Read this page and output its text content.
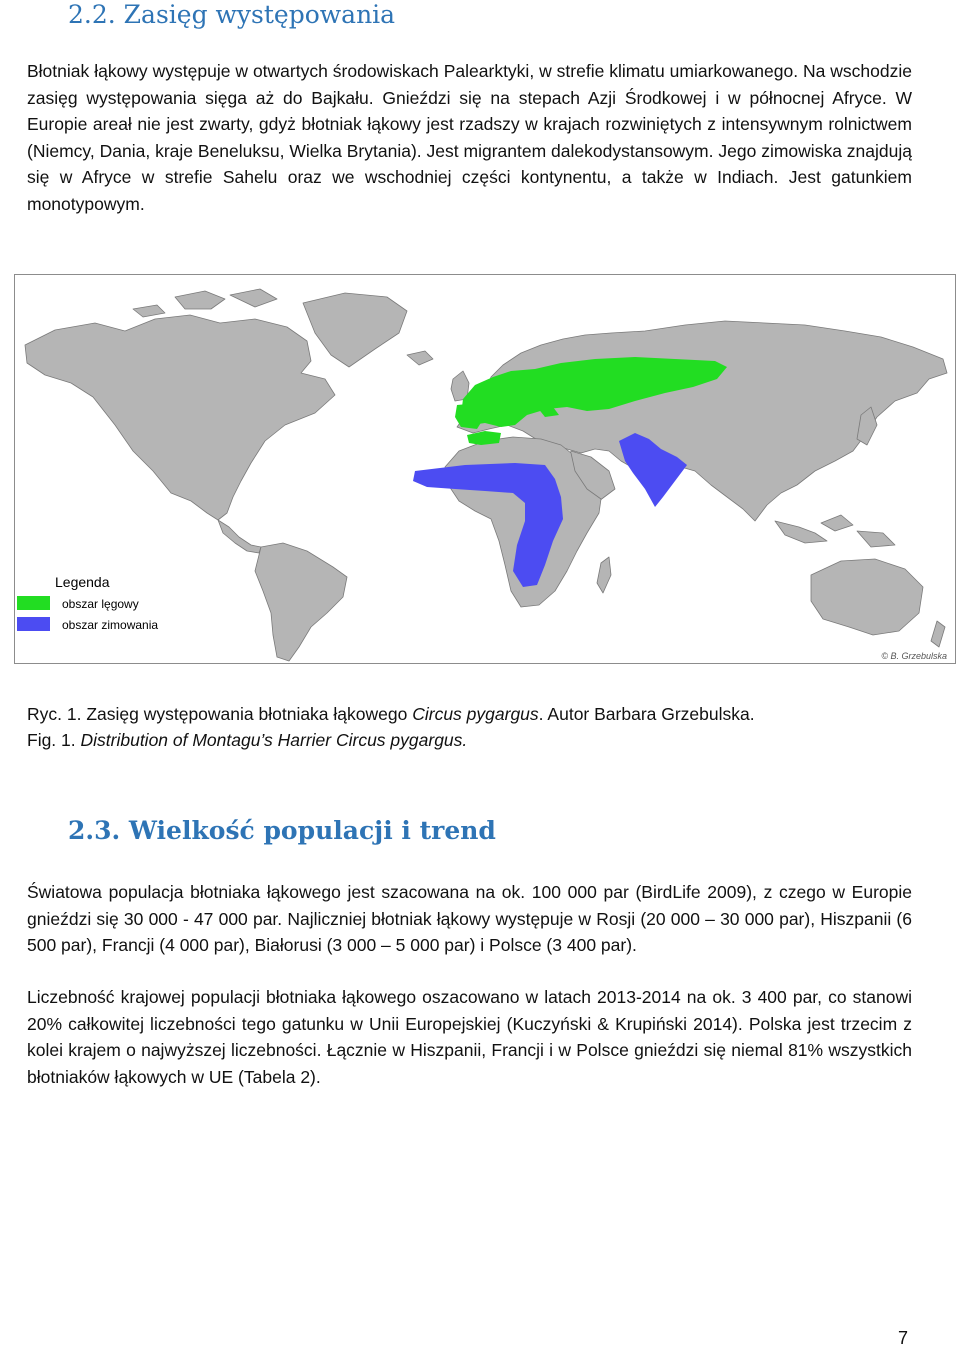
2.2. Zasięg występowania

Błotniak łąkowy występuje w otwartych środowiskach Palearktyki, w strefie klimatu umiarkowanego. Na wschodzie zasięg występowania sięga aż do Bajkału. Gnieździ się na stepach Azji Środkowej i w północnej Afryce. W Europie areał nie jest zwarty, gdyż błotniak łąkowy jest rzadszy w krajach rozwiniętych z intensywnym rolnictwem (Niemcy, Dania, kraje Beneluksu, Wielka Brytania). Jest migrantem dalekodystansowym. Jego zimowiska znajdują się w Afryce w strefie Sahelu oraz we wschodniej części kontynentu, a także w Indiach. Jest gatunkiem monotypowym.

Legenda
obszar lęgowy
obszar zimowania
© B. Grzebulska

Ryc. 1. Zasięg występowania błotniaka łąkowego Circus pygargus. Autor Barbara Grzebulska.

Fig. 1. Distribution of Montagu’s Harrier Circus pygargus.

2.3. Wielkość populacji i trend

Światowa populacja błotniaka łąkowego jest szacowana na ok. 100 000 par (BirdLife 2009), z czego w Europie gnieździ się 30 000 - 47 000 par. Najliczniej błotniak łąkowy występuje w Rosji (20 000 – 30 000 par), Hiszpanii (6 500 par), Francji (4 000 par), Białorusi (3 000 – 5 000 par) i Polsce (3 400 par).

Liczebność krajowej populacji błotniaka łąkowego oszacowano w latach 2013-2014 na ok. 3 400 par, co stanowi 20% całkowitej liczebności tego gatunku w Unii Europejskiej (Kuczyński & Krupiński 2014). Polska jest trzecim z kolei krajem o najwyższej liczebności. Łącznie w Hiszpanii, Francji i w Polsce gnieździ się niemal 81% wszystkich błotniaków łąkowych w UE (Tabela 2).

7
